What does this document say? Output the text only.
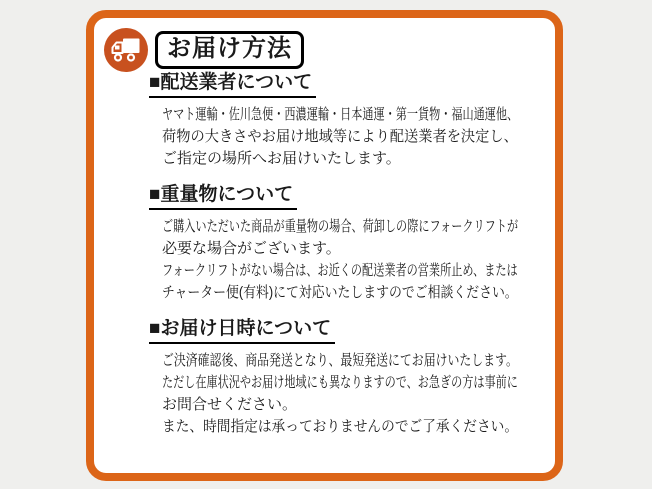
お届け方法
■配送業者について

ヤマト運輸・佐川急便・西濃運輸・日本通運・第一貨物・福山通運他、

荷物の大きさやお届け地域等により配送業者を決定し、

ご指定の場所へお届けいたします。

■重量物について

ご購入いただいた商品が重量物の場合、荷卸しの際にフォークリフトが

必要な場合がございます。

フォークリフトがない場合は、お近くの配送業者の営業所止め、または

チャーター便(有料)にて対応いたしますのでご相談ください。

■お届け日時について

ご決済確認後、商品発送となり、最短発送にてお届けいたします。

ただし在庫状況やお届け地域にも異なりますので、お急ぎの方は事前に

お問合せください。

また、時間指定は承っておりませんのでご了承ください。
